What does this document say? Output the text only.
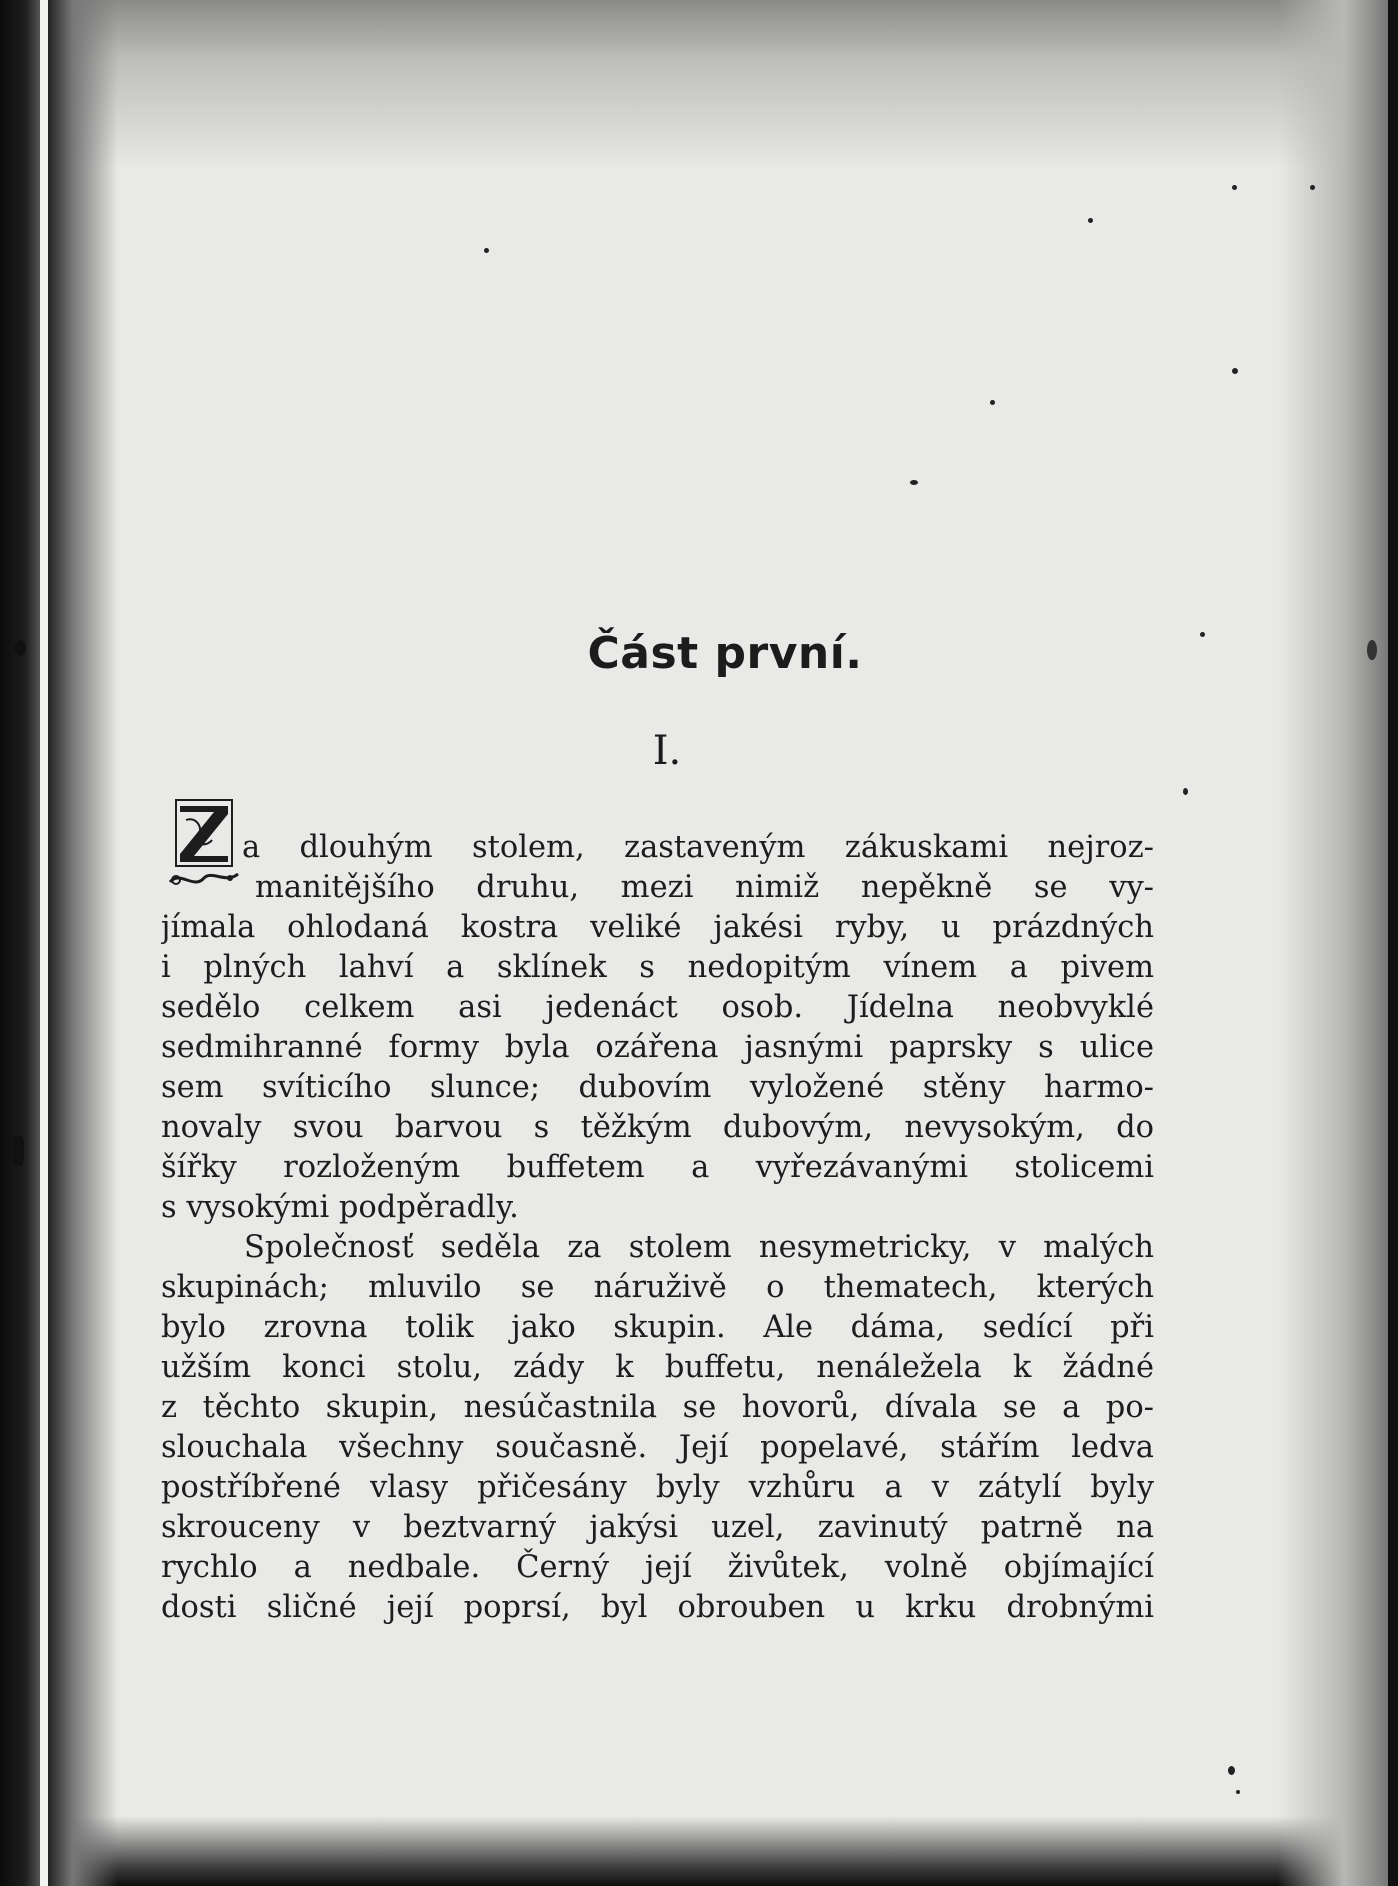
Část první.
I.
a dlouhým stolem, zastaveným zákuskami nejroz-
manitějšího druhu, mezi nimiž nepěkně se vy-
jímala ohlodaná kostra veliké jakési ryby, u prázdných
i plných lahví a sklínek s nedopitým vínem a pivem
sedělo celkem asi jedenáct osob. Jídelna neobvyklé
sedmihranné formy byla ozářena jasnými paprsky s ulice
sem svíticího slunce; dubovím vyložené stěny harmo-
novaly svou barvou s těžkým dubovým, nevysokým, do
šířky rozloženým buffetem a vyřezávanými stolicemi
s vysokými podpěradly.
Společnosť seděla za stolem nesymetricky, v malých
skupinách; mluvilo se náruživě o thematech, kterých
bylo zrovna tolik jako skupin. Ale dáma, sedící při
užším konci stolu, zády k buffetu, nenáležela k žádné
z těchto skupin, nesúčastnila se hovorů, dívala se a po-
slouchala všechny současně. Její popelavé, stářím ledva
postříbřené vlasy přičesány byly vzhůru a v zátylí byly
skrouceny v beztvarný jakýsi uzel, zavinutý patrně na
rychlo a nedbale. Černý její živůtek, volně objímající
dosti sličné její poprsí, byl obrouben u krku drobnými
